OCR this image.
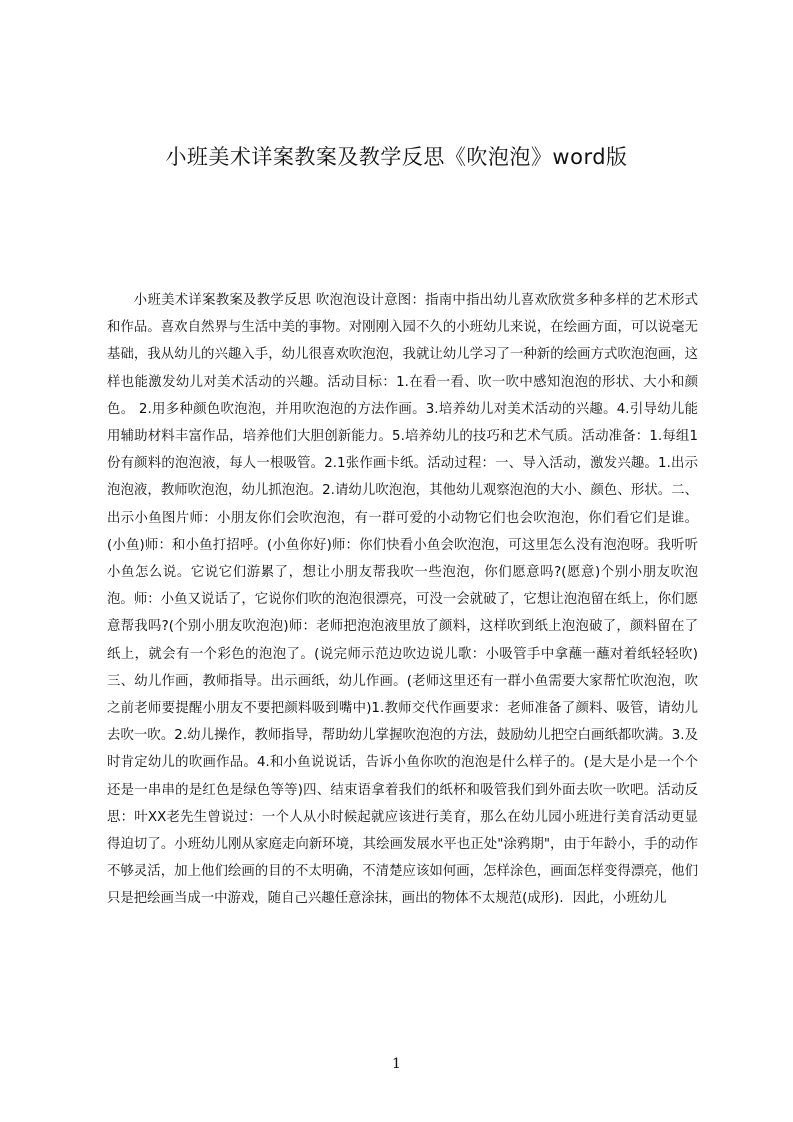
小班美术详案教案及教学反思《吹泡泡》word版

小班美术详案教案及教学反思 吹泡泡设计意图：指南中指出幼儿喜欢欣赏多种多样的艺术形式和作品。喜欢自然界与生活中美的事物。对刚刚入园不久的小班幼儿来说，在绘画方面，可以说毫无基础，我从幼儿的兴趣入手，幼儿很喜欢吹泡泡，我就让幼儿学习了一种新的绘画方式吹泡泡画，这样也能激发幼儿对美术活动的兴趣。活动目标：1.在看一看、吹一吹中感知泡泡的形状、大小和颜色。 2.用多种颜色吹泡泡，并用吹泡泡的方法作画。3.培养幼儿对美术活动的兴趣。4.引导幼儿能用辅助材料丰富作品，培养他们大胆创新能力。5.培养幼儿的技巧和艺术气质。活动准备：1.每组1份有颜料的泡泡液，每人一根吸管。2.1张作画卡纸。活动过程：一、导入活动，激发兴趣。1.出示泡泡液，教师吹泡泡，幼儿抓泡泡。2.请幼儿吹泡泡，其他幼儿观察泡泡的大小、颜色、形状。二、出示小鱼图片师：小朋友你们会吹泡泡，有一群可爱的小动物它们也会吹泡泡，你们看它们是谁。(小鱼)师：和小鱼打招呼。(小鱼你好)师：你们快看小鱼会吹泡泡，可这里怎么没有泡泡呀。我听听小鱼怎么说。它说它们游累了，想让小朋友帮我吹一些泡泡，你们愿意吗?(愿意)个别小朋友吹泡泡。师：小鱼又说话了，它说你们吹的泡泡很漂亮，可没一会就破了，它想让泡泡留在纸上，你们愿意帮我吗?(个别小朋友吹泡泡)师：老师把泡泡液里放了颜料，这样吹到纸上泡泡破了，颜料留在了纸上，就会有一个彩色的泡泡了。(说完师示范边吹边说儿歌：小吸管手中拿蘸一蘸对着纸轻轻吹)三、幼儿作画，教师指导。出示画纸，幼儿作画。(老师这里还有一群小鱼需要大家帮忙吹泡泡，吹之前老师要提醒小朋友不要把颜料吸到嘴中)1.教师交代作画要求：老师准备了颜料、吸管，请幼儿去吹一吹。2.幼儿操作，教师指导，帮助幼儿掌握吹泡泡的方法，鼓励幼儿把空白画纸都吹满。3.及时肯定幼儿的吹画作品。4.和小鱼说说话，告诉小鱼你吹的泡泡是什么样子的。(是大是小是一个个还是一串串的是红色是绿色等等)四、结束语拿着我们的纸杯和吸管我们到外面去吹一吹吧。活动反思：叶XX老先生曾说过：一个人从小时候起就应该进行美育，那么在幼儿园小班进行美育活动更显得迫切了。小班幼儿刚从家庭走向新环境，其绘画发展水平也正处"涂鸦期"，由于年龄小，手的动作不够灵活，加上他们绘画的目的不太明确，不清楚应该如何画，怎样涂色，画面怎样变得漂亮，他们只是把绘画当成一中游戏，随自己兴趣任意涂抹，画出的物体不太规范(成形)．因此，小班幼儿

1
